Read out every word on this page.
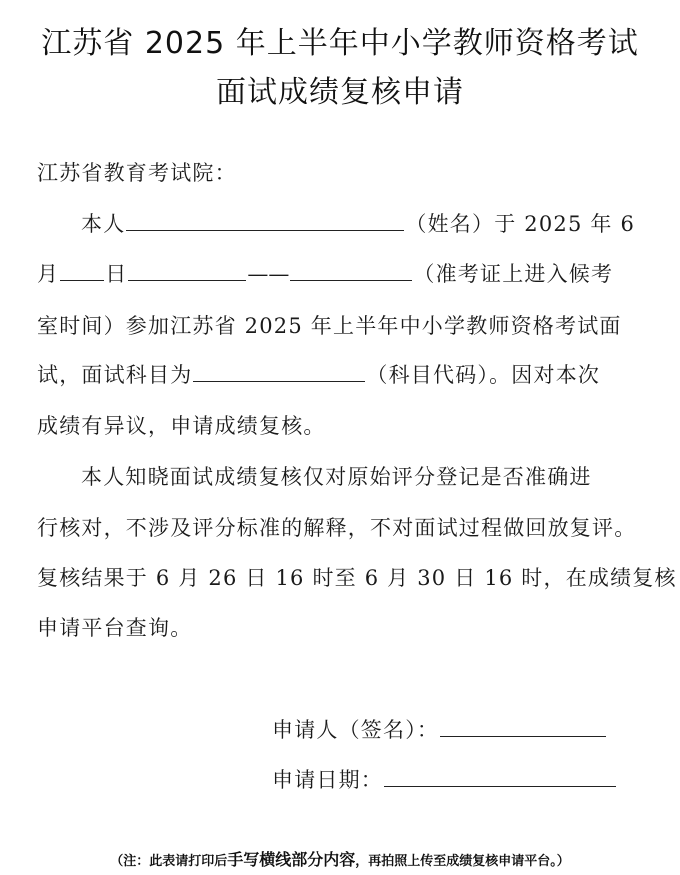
江苏省 2025 年上半年中小学教师资格考试
面试成绩复核申请
江苏省教育考试院：
本人	（姓名）于 2025 年 6
月 日	——	（准考证上进入候考
室时间）参加江苏省 2025 年上半年中小学教师资格考试面
试，面试科目为	（科目代码）。因对本次
成绩有异议，申请成绩复核。
本人知晓面试成绩复核仅对原始评分登记是否准确进
行核对，不涉及评分标准的解释，不对面试过程做回放复评。
复核结果于 6 月 26 日 16 时至 6 月 30 日 16 时，在成绩复核
申请平台查询。
申请人（签名）：
申请日期：
（注：此表请打印后手写横线部分内容，再拍照上传至成绩复核申请平台。）
